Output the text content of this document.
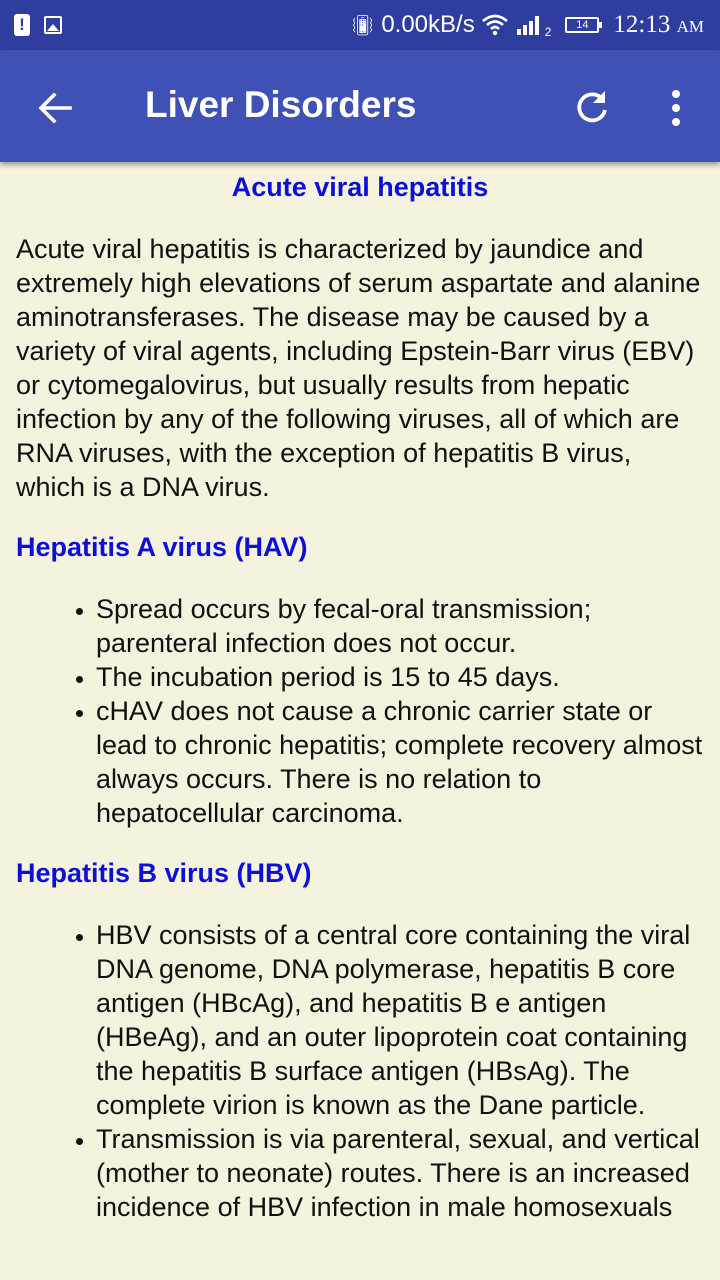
!	📳︎ 0.00kB/s	2 14 12:13 AM
Liver Disorders
Acute viral hepatitis

Acute viral hepatitis is characterized by jaundice and extremely high elevations of serum aspartate and alanine aminotransferases. The disease may be caused by a variety of viral agents, including Epstein-Barr virus (EBV) or cytomegalovirus, but usually results from hepatic infection by any of the following viruses, all of which are RNA viruses, with the exception of hepatitis B virus, which is a DNA virus.

Hepatitis A virus (HAV)
• Spread occurs by fecal-oral transmission; parenteral infection does not occur.
• The incubation period is 15 to 45 days.
• cHAV does not cause a chronic carrier state or lead to chronic hepatitis; complete recovery almost always occurs. There is no relation to hepatocellular carcinoma.
Hepatitis B virus (HBV)
• HBV consists of a central core containing the viral DNA genome, DNA polymerase, hepatitis B core antigen (HBcAg), and hepatitis B e antigen (HBeAg), and an outer lipoprotein coat containing the hepatitis B surface antigen (HBsAg). The complete virion is known as the Dane particle.
• Transmission is via parenteral, sexual, and vertical (mother to neonate) routes. There is an increased incidence of HBV infection in male homosexuals
